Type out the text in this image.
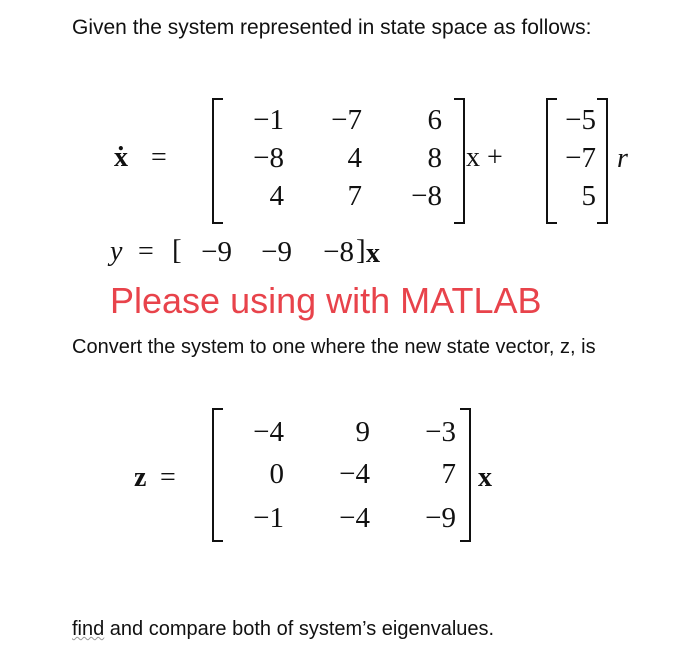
Given the system represented in state space as follows:
ẋ =
−1	−7	6
−8	4	8
4	7	−8
x +
−5
−7
5
r
y = [ −9	−9	−8 ] x
Please using with MATLAB
Convert the system to one where the new state vector, z, is
z =
−4	9	−3
0	−4	7
−1	−4	−9
x
find and compare both of system’s eigenvalues.
